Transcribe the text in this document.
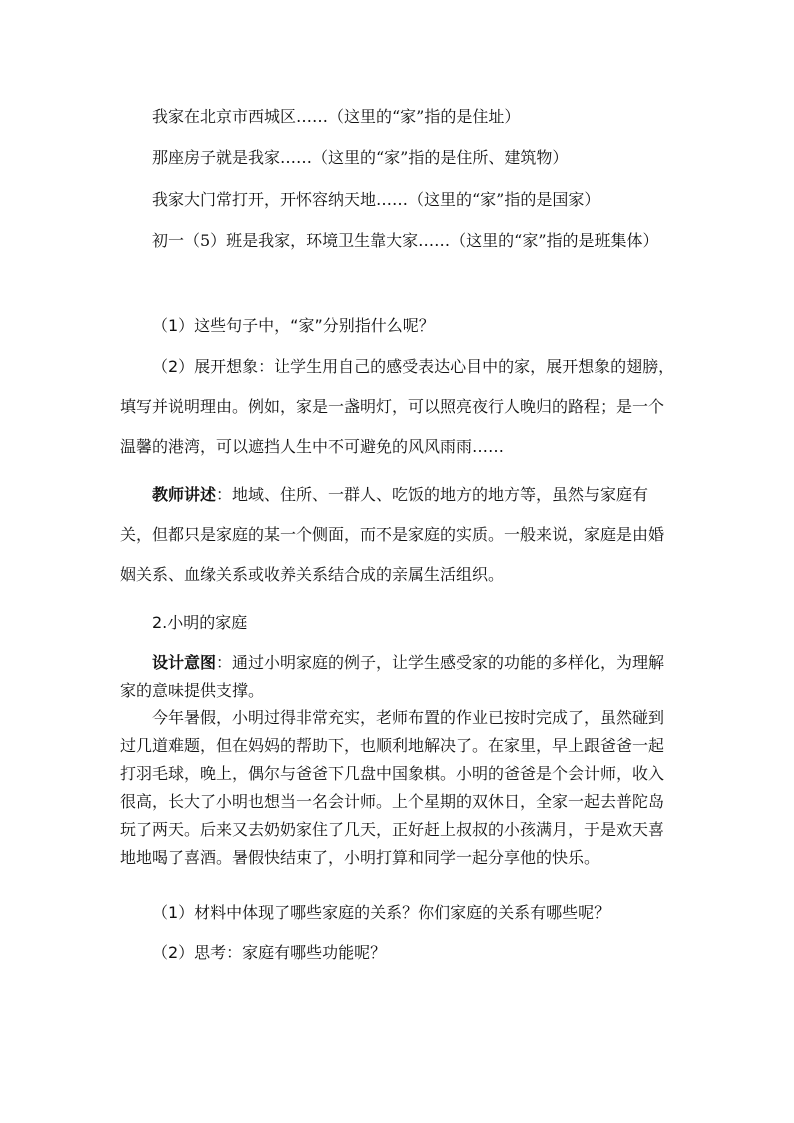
我家在北京市西城区……（这里的“家”指的是住址）

那座房子就是我家……（这里的“家”指的是住所、建筑物）

我家大门常打开，开怀容纳天地……（这里的“家”指的是国家）

初一（5）班是我家，环境卫生靠大家……（这里的“家”指的是班集体）

（1）这些句子中，“家”分别指什么呢？

（2）展开想象：让学生用自己的感受表达心目中的家，展开想象的翅膀，填写并说明理由。例如，家是一盏明灯，可以照亮夜行人晚归的路程；是一个温馨的港湾，可以遮挡人生中不可避免的风风雨雨……

教师讲述：地域、住所、一群人、吃饭的地方的地方等，虽然与家庭有关，但都只是家庭的某一个侧面，而不是家庭的实质。一般来说，家庭是由婚姻关系、血缘关系或收养关系结合成的亲属生活组织。

2.小明的家庭

设计意图：通过小明家庭的例子，让学生感受家的功能的多样化，为理解家的意味提供支撑。

今年暑假，小明过得非常充实，老师布置的作业已按时完成了，虽然碰到过几道难题，但在妈妈的帮助下，也顺利地解决了。在家里，早上跟爸爸一起打羽毛球，晚上，偶尔与爸爸下几盘中国象棋。小明的爸爸是个会计师，收入很高，长大了小明也想当一名会计师。上个星期的双休日，全家一起去普陀岛玩了两天。后来又去奶奶家住了几天，正好赶上叔叔的小孩满月，于是欢天喜地地喝了喜酒。暑假快结束了，小明打算和同学一起分享他的快乐。

（1）材料中体现了哪些家庭的关系？你们家庭的关系有哪些呢？

（2）思考：家庭有哪些功能呢？
